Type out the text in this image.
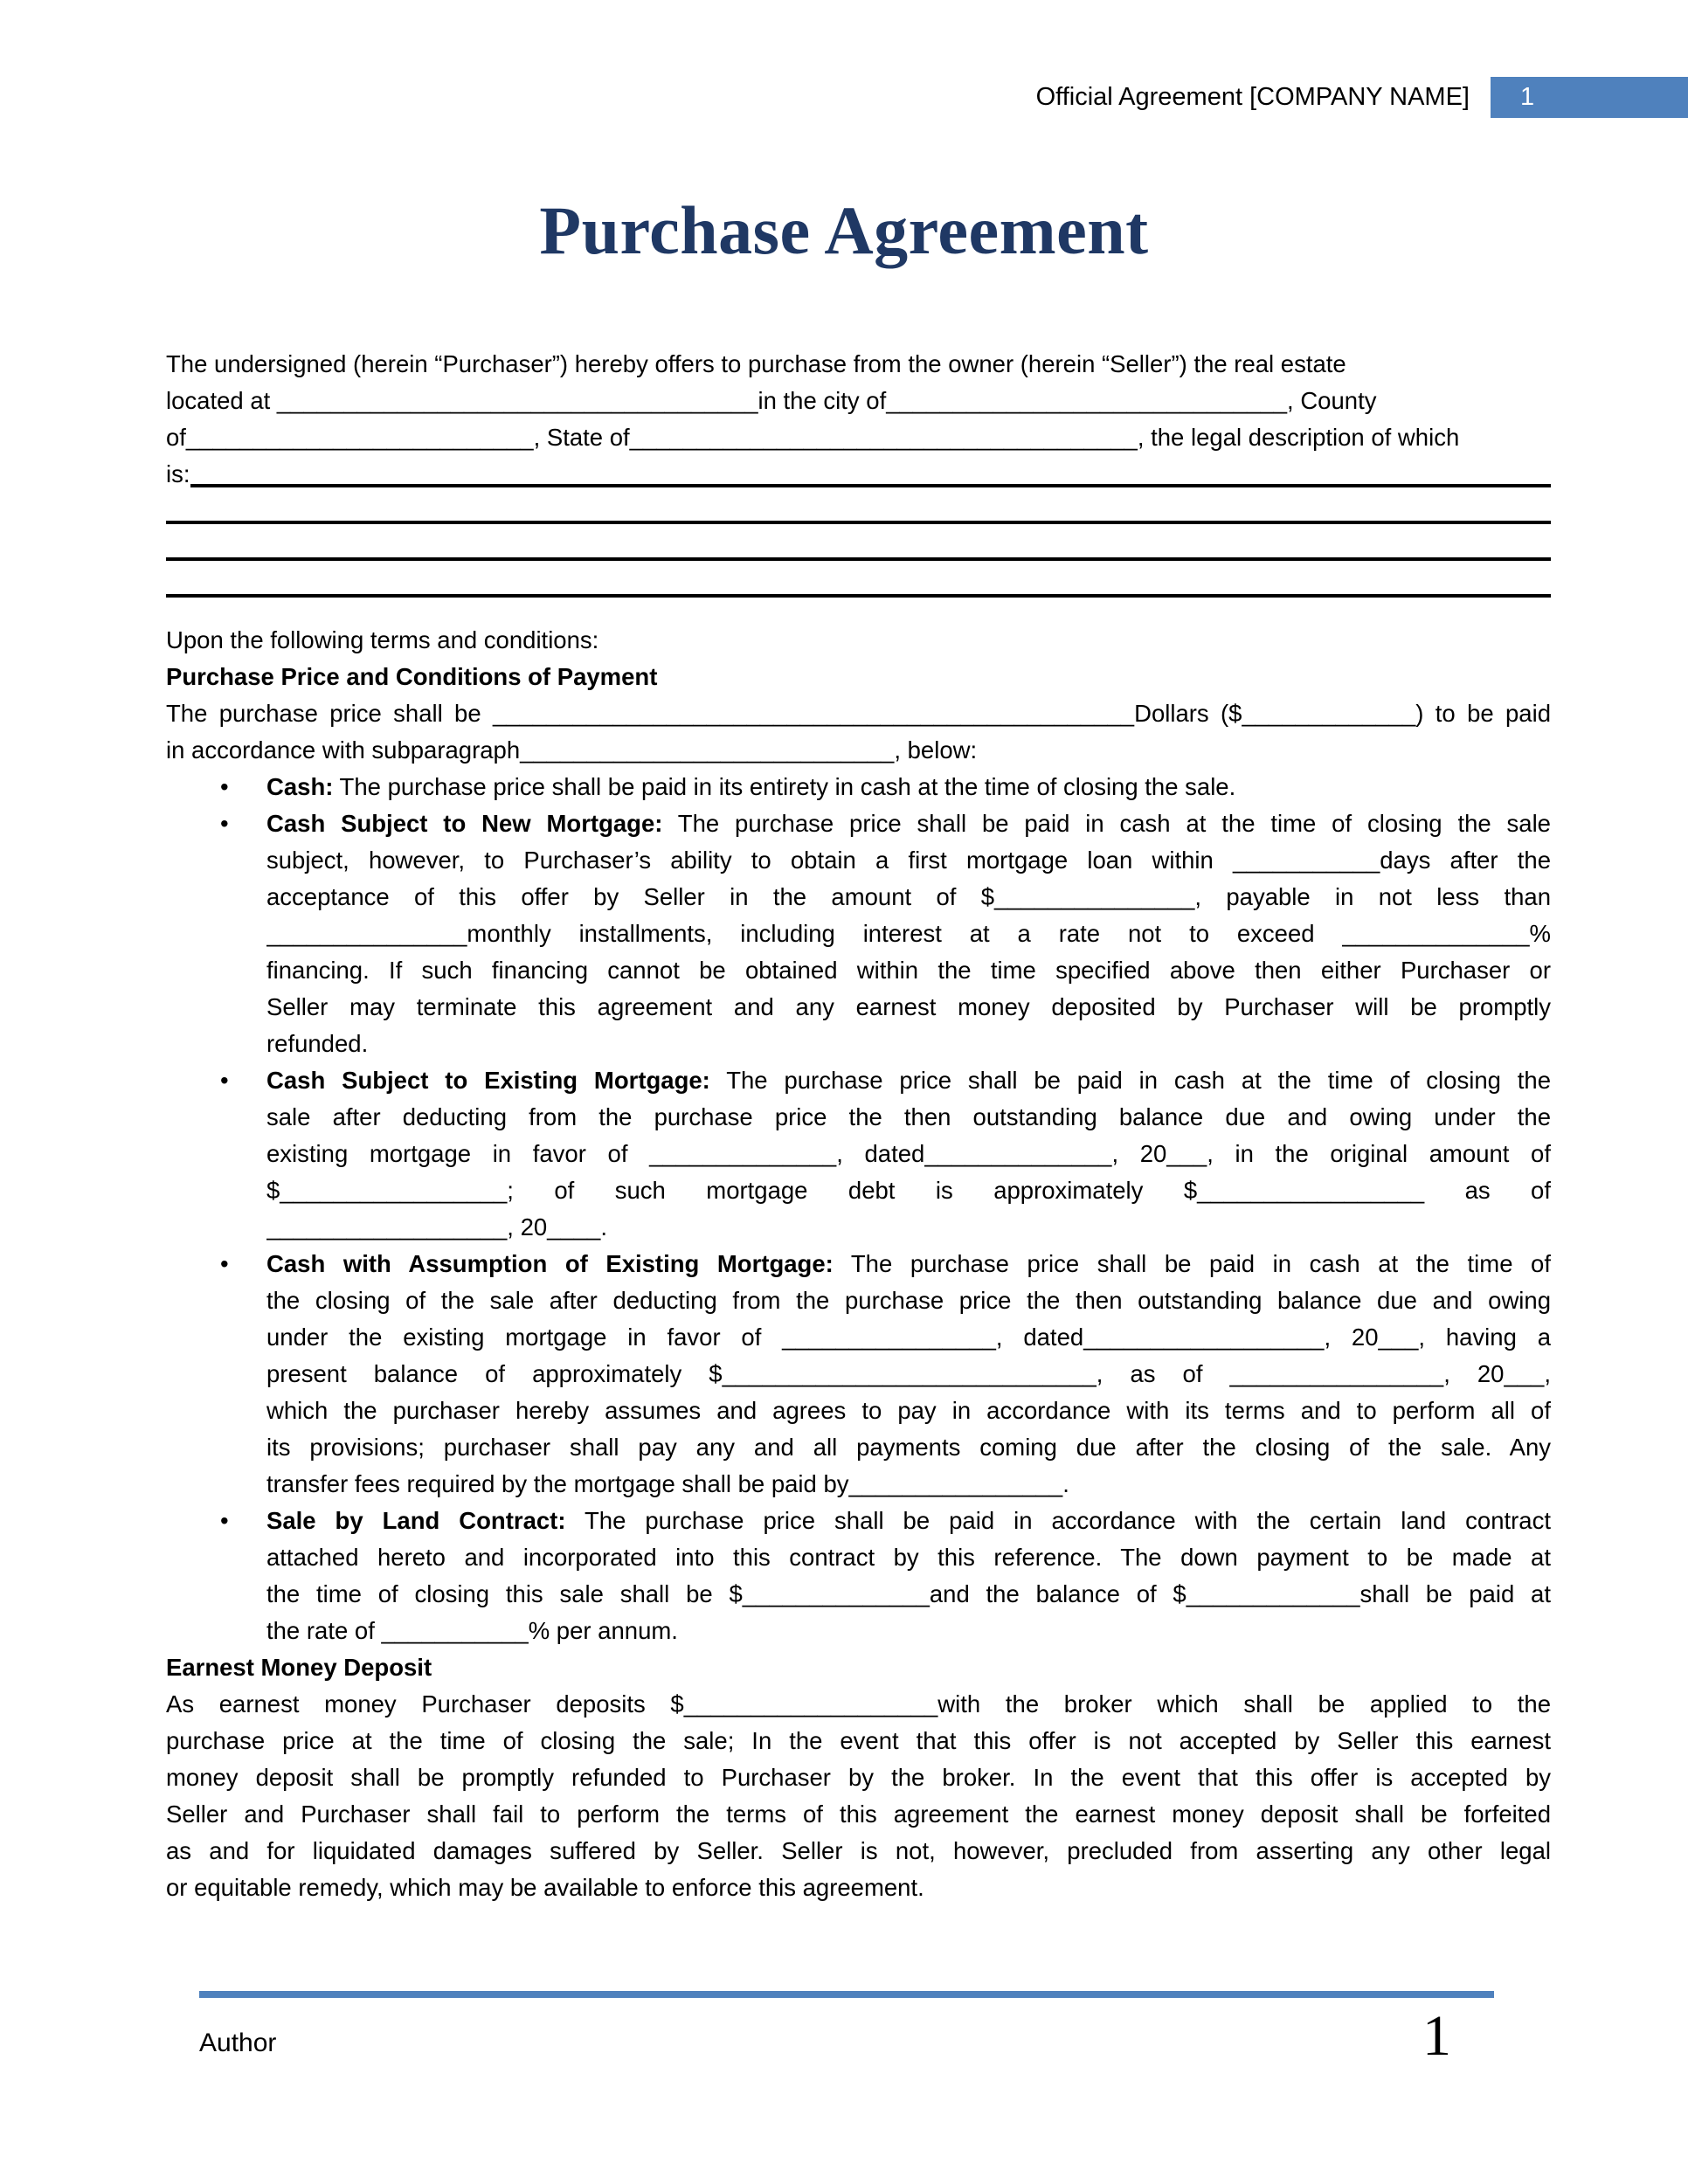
Official Agreement [COMPANY NAME] 1
Purchase Agreement
The undersigned (herein “Purchaser”) hereby offers to purchase from the owner (herein “Seller”) the real estate
located at ____________________________________in the city of______________________________, County
of__________________________, State of______________________________________, the legal description of which
is:
Upon the following terms and conditions:
Purchase Price and Conditions of Payment
The purchase price shall be ________________________________________________Dollars ($_____________) to be paid
in accordance with subparagraph____________________________, below:
• Cash: The purchase price shall be paid in its entirety in cash at the time of closing the sale.
• Cash Subject to New Mortgage: The purchase price shall be paid in cash at the time of closing the sale
subject, however, to Purchaser’s ability to obtain a first mortgage loan within ___________days after the
acceptance of this offer by Seller in the amount of $_______________, payable in not less than
_______________monthly installments, including interest at a rate not to exceed ______________%
financing. If such financing cannot be obtained within the time specified above then either Purchaser or
Seller may terminate this agreement and any earnest money deposited by Purchaser will be promptly
refunded.
• Cash Subject to Existing Mortgage: The purchase price shall be paid in cash at the time of closing the
sale after deducting from the purchase price the then outstanding balance due and owing under the
existing mortgage in favor of ______________, dated______________, 20___, in the original amount of
$_________________; of such mortgage debt is approximately $_________________ as of
__________________, 20____.
• Cash with Assumption of Existing Mortgage: The purchase price shall be paid in cash at the time of
the closing of the sale after deducting from the purchase price the then outstanding balance due and owing
under the existing mortgage in favor of ________________, dated__________________, 20___, having a
present balance of approximately $____________________________, as of ________________, 20___,
which the purchaser hereby assumes and agrees to pay in accordance with its terms and to perform all of
its provisions; purchaser shall pay any and all payments coming due after the closing of the sale. Any
transfer fees required by the mortgage shall be paid by________________.
• Sale by Land Contract: The purchase price shall be paid in accordance with the certain land contract
attached hereto and incorporated into this contract by this reference. The down payment to be made at
the time of closing this sale shall be $______________and the balance of $_____________shall be paid at
the rate of ___________% per annum.
Earnest Money Deposit
As earnest money Purchaser deposits $___________________with the broker which shall be applied to the
purchase price at the time of closing the sale; In the event that this offer is not accepted by Seller this earnest
money deposit shall be promptly refunded to Purchaser by the broker. In the event that this offer is accepted by
Seller and Purchaser shall fail to perform the terms of this agreement the earnest money deposit shall be forfeited
as and for liquidated damages suffered by Seller. Seller is not, however, precluded from asserting any other legal
or equitable remedy, which may be available to enforce this agreement.
Author	1
